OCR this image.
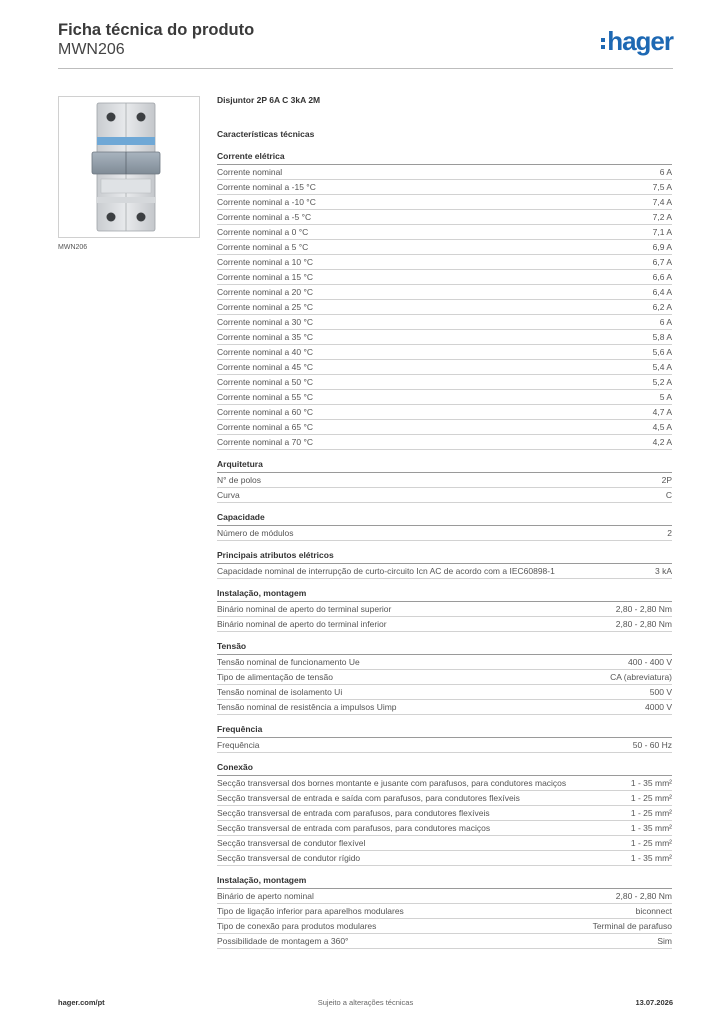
Ficha técnica do produto
MWN206	hager
MWN206
Disjuntor 2P 6A C 3kA 2M
Características técnicas
Corrente elétrica
Corrente nominal	6 A
Corrente nominal a -15 °C	7,5 A
Corrente nominal a -10 °C	7,4 A
Corrente nominal a -5 °C	7,2 A
Corrente nominal a 0 °C	7,1 A
Corrente nominal a 5 °C	6,9 A
Corrente nominal a 10 °C	6,7 A
Corrente nominal a 15 °C	6,6 A
Corrente nominal a 20 °C	6,4 A
Corrente nominal a 25 °C	6,2 A
Corrente nominal a 30 °C	6 A
Corrente nominal a 35 °C	5,8 A
Corrente nominal a 40 °C	5,6 A
Corrente nominal a 45 °C	5,4 A
Corrente nominal a 50 °C	5,2 A
Corrente nominal a 55 °C	5 A
Corrente nominal a 60 °C	4,7 A
Corrente nominal a 65 °C	4,5 A
Corrente nominal a 70 °C	4,2 A
Arquitetura
N° de polos	2P
Curva	C
Capacidade
Número de módulos	2
Principais atributos elétricos
Capacidade nominal de interrupção de curto-circuito Icn AC de acordo com a IEC60898-1	3 kA
Instalação, montagem
Binário nominal de aperto do terminal superior	2,80 - 2,80 Nm
Binário nominal de aperto do terminal inferior	2,80 - 2,80 Nm
Tensão
Tensão nominal de funcionamento Ue	400 - 400 V
Tipo de alimentação de tensão	CA (abreviatura)
Tensão nominal de isolamento Ui	500 V
Tensão nominal de resistência a impulsos Uimp	4000 V
Frequência
Frequência	50 - 60 Hz
Conexão
Secção transversal dos bornes montante e jusante com parafusos, para condutores maciços	1 - 35 mm²
Secção transversal de entrada e saída com parafusos, para condutores flexíveis	1 - 25 mm²
Secção transversal de entrada com parafusos, para condutores flexíveis	1 - 25 mm²
Secção transversal de entrada com parafusos, para condutores maciços	1 - 35 mm²
Secção transversal de condutor flexível	1 - 25 mm²
Secção transversal de condutor rígido	1 - 35 mm²
Instalação, montagem
Binário de aperto nominal	2,80 - 2,80 Nm
Tipo de ligação inferior para aparelhos modulares	biconnect
Tipo de conexão para produtos modulares	Terminal de parafuso
Possibilidade de montagem a 360°	Sim
hager.com/pt	Sujeito a alterações técnicas	13.07.2026
